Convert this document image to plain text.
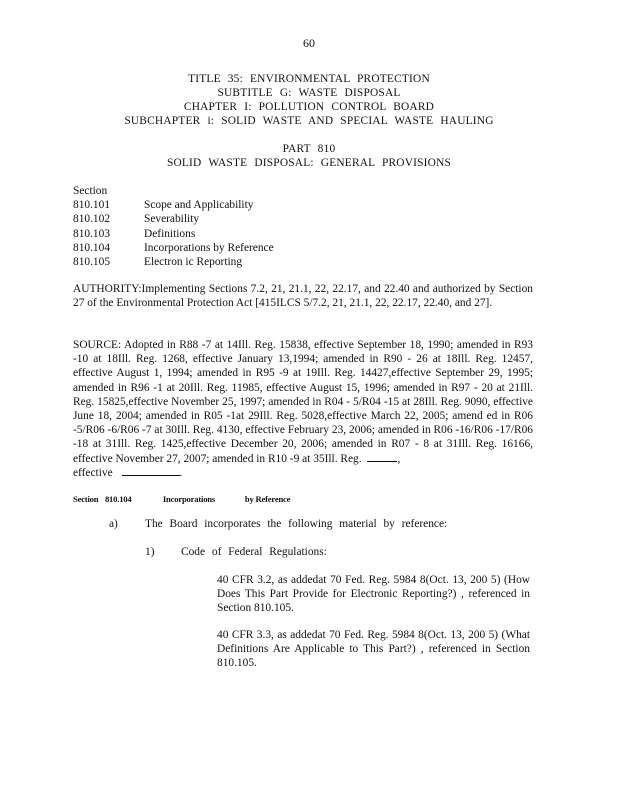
60
TITLE 35: ENVIRONMENTAL PROTECTION
SUBTITLE G: WASTE DISPOSAL
CHAPTER I: POLLUTION CONTROL BOARD
SUBCHAPTER i: SOLID WASTE AND SPECIAL WASTE HAULING
PART 810
SOLID WASTE DISPOSAL: GENERAL PROVISIONS
Section
810.101	Scope and Applicability
810.102	Severability
810.103	Definitions
810.104	Incorporations by Reference
810.105	Electron ic Reporting
AUTHORITY:Implementing Sections 7.2, 21, 21.1, 22, 22.17, and 22.40 and authorized by Section 27 of the Environmental Protection Act [415ILCS 5/7.2, 21, 21.1, 22, 22.17, 22.40, and 27].
SOURCE: Adopted in R88 -7 at 14Ill. Reg. 15838, effective September 18, 1990; amended in R93 -10 at 18Ill. Reg. 1268, effective January 13,1994; amended in R90 - 26 at 18Ill. Reg. 12457, effective August 1, 1994; amended in R95 -9 at 19Ill. Reg. 14427,effective September 29, 1995; amended in R96 -1 at 20Ill. Reg. 11985, effective August 15, 1996; amended in R97 - 20 at 21Ill. Reg. 15825,effective November 25, 1997; amended in R04 - 5/R04 -15 at 28Ill. Reg. 9090, effective June 18, 2004; amended in R05 -1at 29Ill. Reg. 5028,effective March 22, 2005; amend ed in R06 -5/R06 -6/R06 -7 at 30Ill. Reg. 4130, effective February 23, 2006; amended in R06 -16/R06 -17/R06 -18 at 31Ill. Reg. 1425,effective December 20, 2006; amended in R07 - 8 at 31Ill. Reg. 16166, effective November 27, 2007; amended in R10 -9 at 35Ill. Reg.	,
effective	.
Section 810.104	Incorporations	by Reference
a) The Board incorporates the following material by reference:
1) Code of Federal Regulations:
40 CFR 3.2, as addedat 70 Fed. Reg. 5984 8(Oct. 13, 200 5) (How Does This Part Provide for Electronic Reporting?) , referenced in Section 810.105.
40 CFR 3.3, as addedat 70 Fed. Reg. 5984 8(Oct. 13, 200 5) (What Definitions Are Applicable to This Part?) , referenced in Section 810.105.
